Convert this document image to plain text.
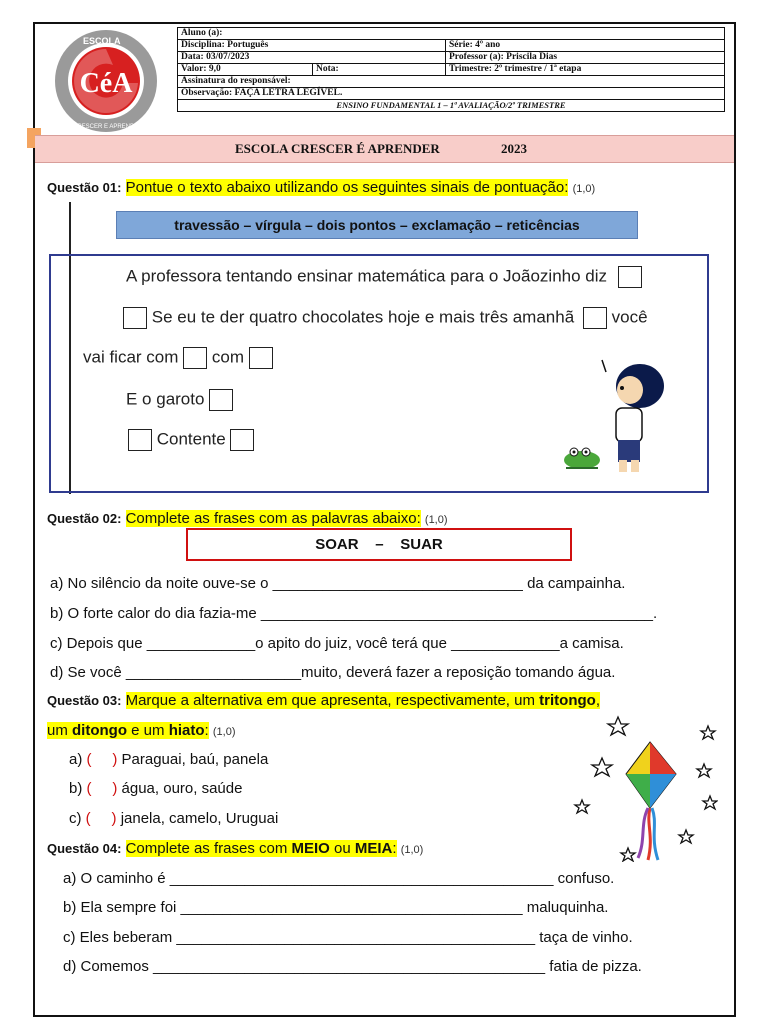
CéA
ESCOLA
CRESCER E APRENDER
Aluno (a):		
Disciplina: Português		Série: 4º ano
Data: 03/07/2023		Professor (a): Priscila Dias
Valor: 9,0	Nota:	Trimestre: 2º trimestre / 1ª etapa
Assinatura do responsável:		
Observação: FAÇA LETRA LEGÍVEL.		
ENSINO FUNDAMENTAL 1 – 1ª AVALIAÇÃO/2º TRIMESTRE		
ESCOLA CRESCER É APRENDER	2023
Questão 01: Pontue o texto abaixo utilizando os seguintes sinais de pontuação: (1,0)
travessão – vírgula – dois pontos – exclamação – reticências
A professora tentando ensinar matemática para o Joãozinho diz
Se eu te der quatro chocolates hoje e mais três amanhã você
vai ficar com com
E o garoto
Contente
Questão 02: Complete as frases com as palavras abaixo: (1,0)
SOAR    –    SUAR
a) No silêncio da noite ouve-se o ______________________________ da campainha.
b) O forte calor do dia fazia-me _______________________________________________.
c) Depois que _____________o apito do juiz, você terá que _____________a camisa.
d) Se você _____________________muito, deverá fazer a reposição tomando água.
Questão 03: Marque a alternativa em que apresenta, respectivamente, um tritongo,
um ditongo e um hiato: (1,0)
a) ( ) Paraguai, baú, panela
b) ( ) água, ouro, saúde
c) ( ) janela, camelo, Uruguai
Questão 04: Complete as frases com MEIO ou MEIA: (1,0)
a) O caminho é ______________________________________________ confuso.
b) Ela sempre foi _________________________________________ maluquinha.
c) Eles beberam ___________________________________________ taça de vinho.
d) Comemos _______________________________________________ fatia de pizza.
